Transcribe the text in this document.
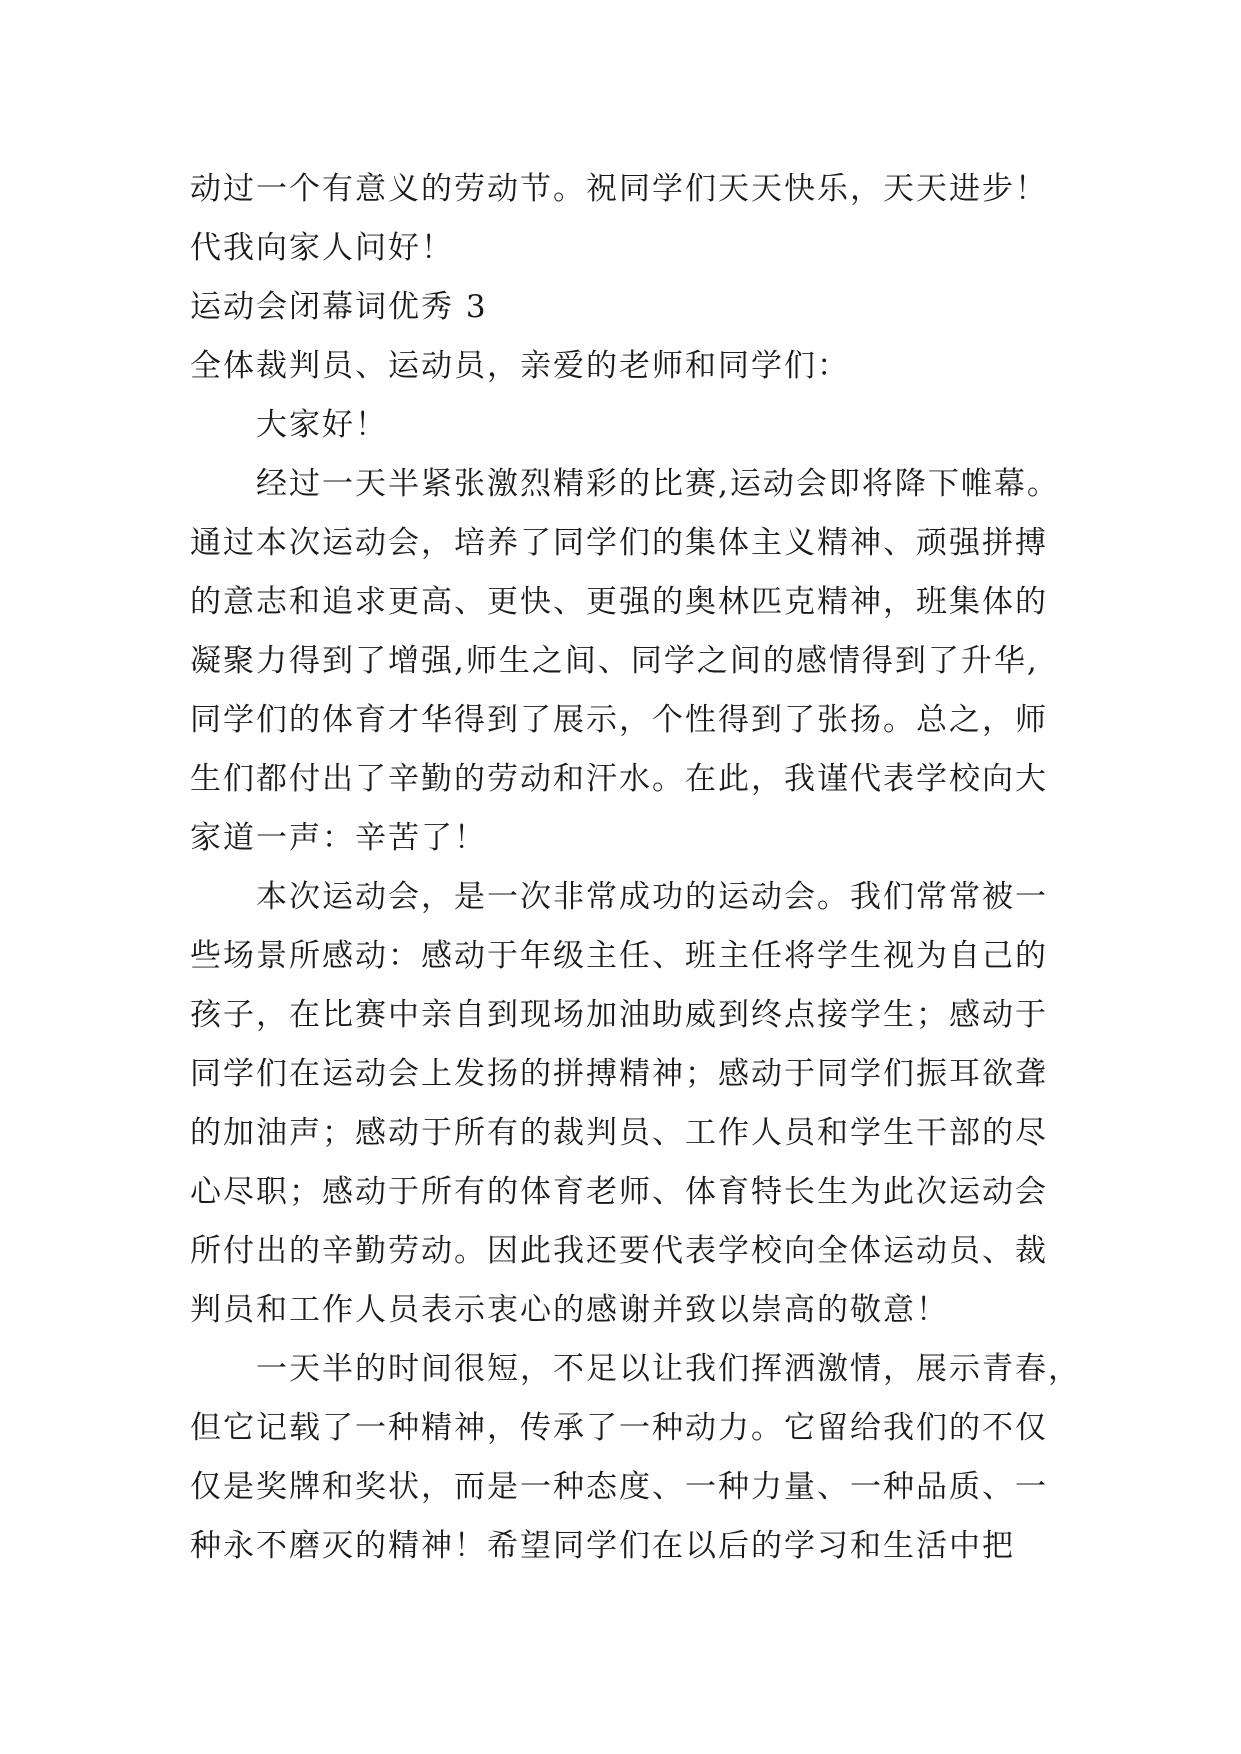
动过一个有意义的劳动节。祝同学们天天快乐，天天进步！
代我向家人问好！
运动会闭幕词优秀 3
全体裁判员、运动员，亲爱的老师和同学们：
大家好！
经过一天半紧张激烈精彩的比赛,运动会即将降下帷幕。
通过本次运动会，培养了同学们的集体主义精神、顽强拼搏
的意志和追求更高、更快、更强的奥林匹克精神，班集体的
凝聚力得到了增强,师生之间、同学之间的感情得到了升华,
同学们的体育才华得到了展示，个性得到了张扬。总之，师
生们都付出了辛勤的劳动和汗水。在此，我谨代表学校向大
家道一声：辛苦了！
本次运动会，是一次非常成功的运动会。我们常常被一
些场景所感动：感动于年级主任、班主任将学生视为自己的
孩子，在比赛中亲自到现场加油助威到终点接学生；感动于
同学们在运动会上发扬的拼搏精神；感动于同学们振耳欲聋
的加油声；感动于所有的裁判员、工作人员和学生干部的尽
心尽职；感动于所有的体育老师、体育特长生为此次运动会
所付出的辛勤劳动。因此我还要代表学校向全体运动员、裁
判员和工作人员表示衷心的感谢并致以崇高的敬意！
一天半的时间很短，不足以让我们挥洒激情，展示青春，
但它记载了一种精神，传承了一种动力。它留给我们的不仅
仅是奖牌和奖状，而是一种态度、一种力量、一种品质、一
种永不磨灭的精神！希望同学们在以后的学习和生活中把
